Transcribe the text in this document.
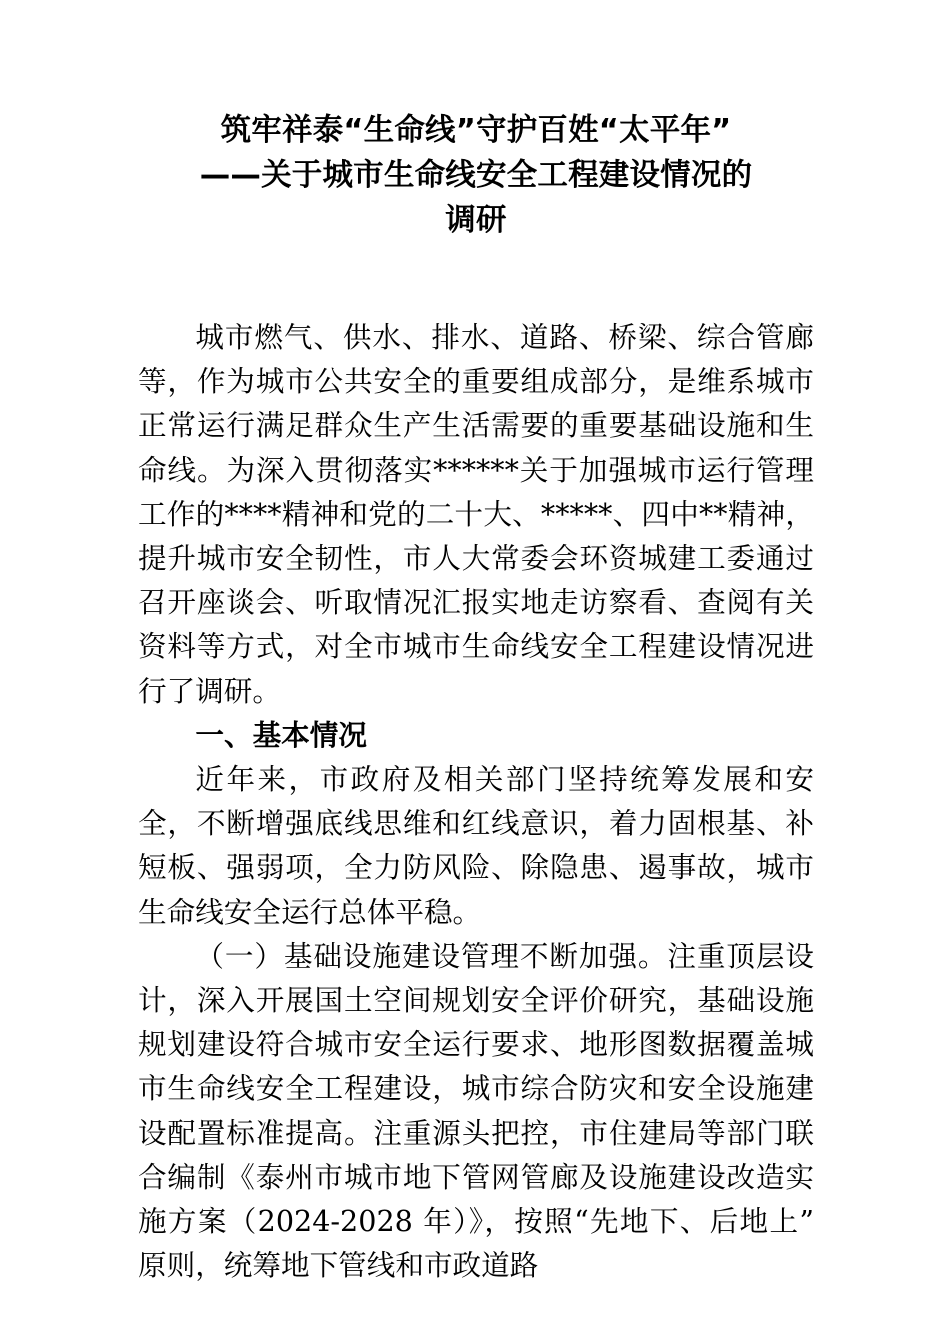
筑牢祥泰“生命线”守护百姓“太平年”
——关于城市生命线安全工程建设情况的
调研

城市燃气、供水、排水、道路、桥梁、综合管廊等，作为城市公共安全的重要组成部分，是维系城市正常运行满足群众生产生活需要的重要基础设施和生命线。为深入贯彻落实******关于加强城市运行管理工作的****精神和党的二十大、*****、四中**精神，提升城市安全韧性，市人大常委会环资城建工委通过召开座谈会、听取情况汇报实地走访察看、查阅有关资料等方式，对全市城市生命线安全工程建设情况进行了调研。

一、基本情况

近年来，市政府及相关部门坚持统筹发展和安全，不断增强底线思维和红线意识，着力固根基、补短板、强弱项，全力防风险、除隐患、遏事故，城市生命线安全运行总体平稳。

（一）基础设施建设管理不断加强。注重顶层设计，深入开展国土空间规划安全评价研究，基础设施规划建设符合城市安全运行要求、地形图数据覆盖城市生命线安全工程建设，城市综合防灾和安全设施建设配置标准提高。注重源头把控，市住建局等部门联合编制《泰州市城市地下管网管廊及设施建设改造实施方案（2024-2028 年）》，按照“先地下、后地上”原则，统筹地下管线和市政道路
